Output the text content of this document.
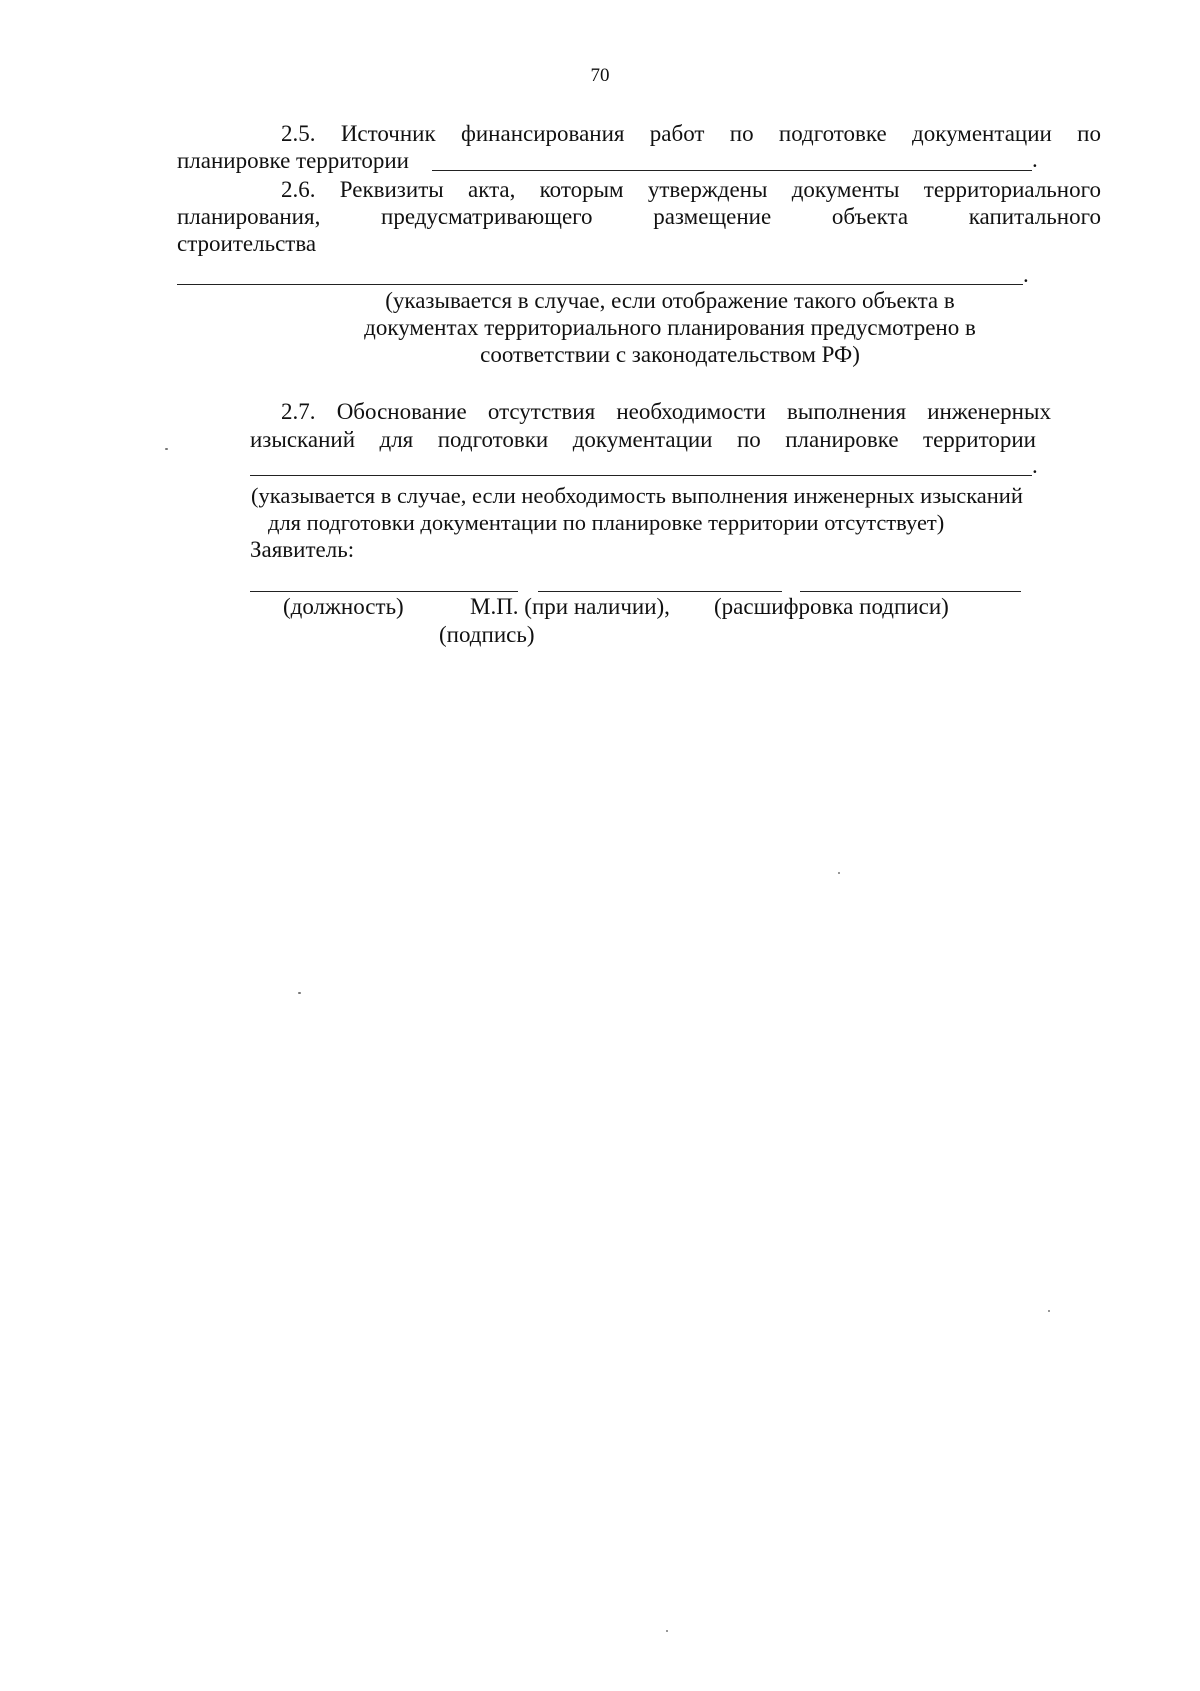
70
2.5. Источник финансирования работ по подготовке документации по
планировке территории	.
2.6. Реквизиты акта, которым утверждены документы территориального
планирования,	предусматривающего	размещение	объекта	капитального
строительства
.
(указывается в случае, если отображение такого объекта в
документах территориального планирования предусмотрено в
соответствии с законодательством РФ)
2.7. Обоснование отсутствия необходимости выполнения инженерных
изысканий для подготовки документации по планировке территории
.
(указывается в случае, если необходимость выполнения инженерных изысканий
для подготовки документации по планировке территории отсутствует)
Заявитель:
(должность)	М.П. (при наличии), (расшифровка подписи)
(подпись)
